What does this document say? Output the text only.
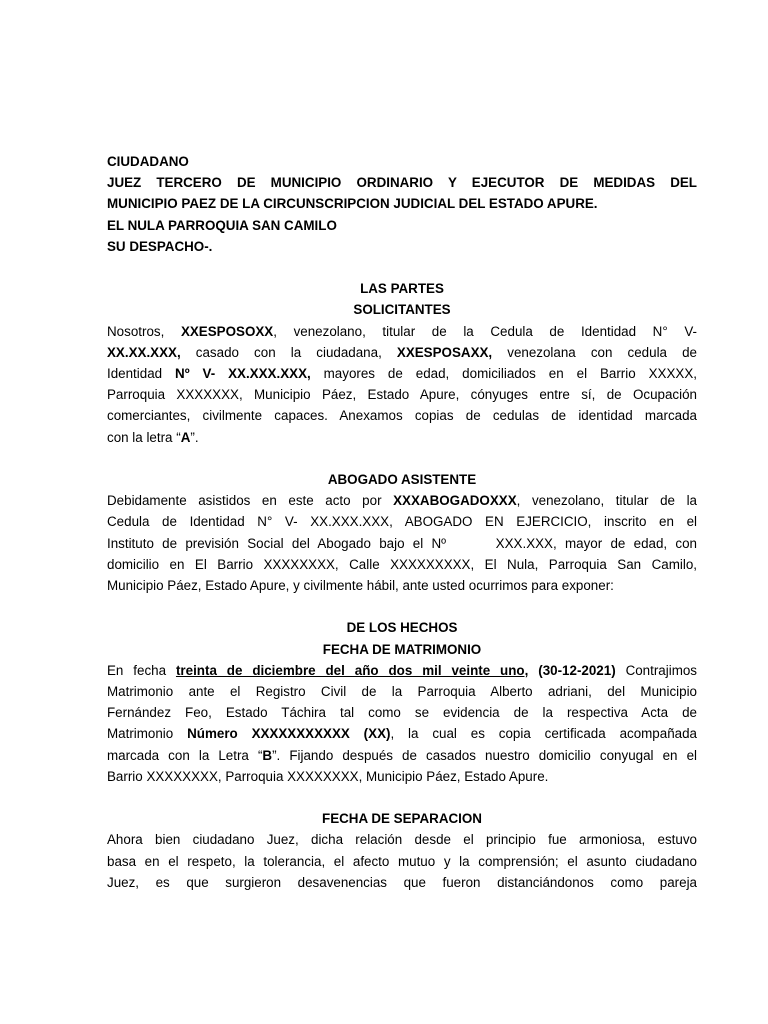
CIUDADANO
JUEZ TERCERO DE MUNICIPIO ORDINARIO Y EJECUTOR DE MEDIDAS DEL
MUNICIPIO PAEZ DE LA CIRCUNSCRIPCION JUDICIAL DEL ESTADO APURE.
EL NULA PARROQUIA SAN CAMILO
SU DESPACHO-.
LAS PARTES
SOLICITANTES
Nosotros, XXESPOSOXX, venezolano, titular de la Cedula de Identidad N° V-
XX.XX.XXX, casado con la ciudadana, XXESPOSAXX, venezolana con cedula de
Identidad Nº V- XX.XXX.XXX, mayores de edad, domiciliados en el Barrio XXXXX,
Parroquia XXXXXXX, Municipio Páez, Estado Apure, cónyuges entre sí, de Ocupación
comerciantes, civilmente capaces. Anexamos copias de cedulas de identidad marcada
con la letra “A”.
ABOGADO ASISTENTE
Debidamente asistidos en este acto por XXXABOGADOXXX, venezolano, titular de la
Cedula de Identidad N° V- XX.XXX.XXX, ABOGADO EN EJERCICIO, inscrito en el
Instituto de previsión Social del Abogado bajo el Nº      XXX.XXX, mayor de edad, con
domicilio en El Barrio XXXXXXXX, Calle XXXXXXXXX, El Nula, Parroquia San Camilo,
Municipio Páez, Estado Apure, y civilmente hábil, ante usted ocurrimos para exponer:
DE LOS HECHOS
FECHA DE MATRIMONIO
En fecha treinta de diciembre del año dos mil veinte uno, (30-12-2021) Contrajimos
Matrimonio ante el Registro Civil de la Parroquia Alberto adriani, del Municipio
Fernández Feo, Estado Táchira tal como se evidencia de la respectiva Acta de
Matrimonio Número XXXXXXXXXXX (XX), la cual es copia certificada acompañada
marcada con la Letra “B”. Fijando después de casados nuestro domicilio conyugal en el
Barrio XXXXXXXX, Parroquia XXXXXXXX, Municipio Páez, Estado Apure.
FECHA DE SEPARACION
Ahora bien ciudadano Juez, dicha relación desde el principio fue armoniosa, estuvo
basa en el respeto, la tolerancia, el afecto mutuo y la comprensión; el asunto ciudadano
Juez, es que surgieron desavenencias que fueron distanciándonos como pareja
